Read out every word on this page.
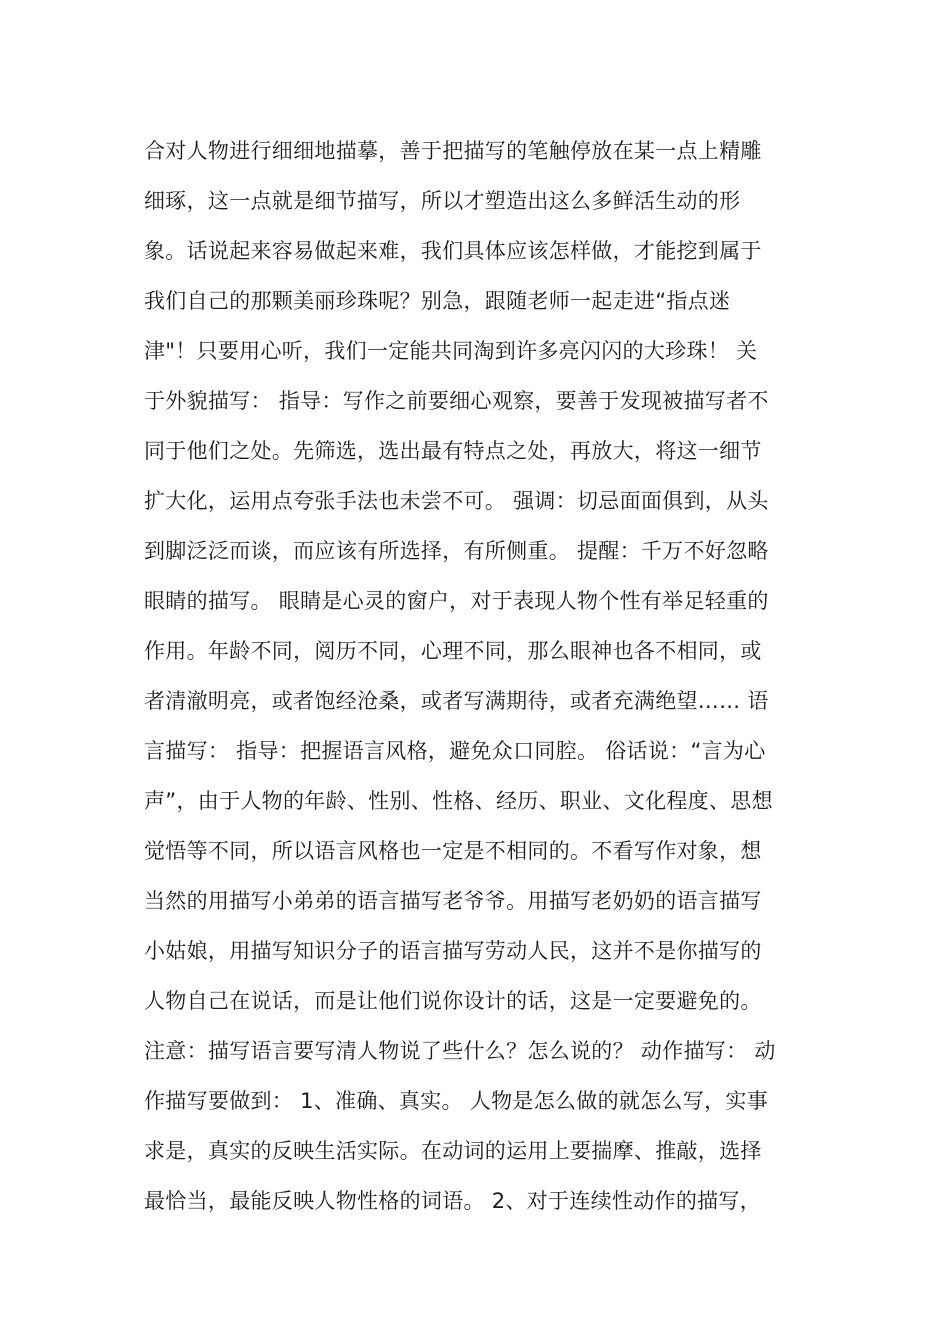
合对人物进行细细地描摹，善于把描写的笔触停放在某一点上精雕
细琢，这一点就是细节描写，所以才塑造出这么多鲜活生动的形
象。话说起来容易做起来难，我们具体应该怎样做，才能挖到属于
我们自己的那颗美丽珍珠呢？别急，跟随老师一起走进“指点迷
津"！只要用心听，我们一定能共同淘到许多亮闪闪的大珍珠！ 关
于外貌描写： 指导：写作之前要细心观察，要善于发现被描写者不
同于他们之处。先筛选，选出最有特点之处，再放大，将这一细节
扩大化，运用点夸张手法也未尝不可。 强调：切忌面面俱到，从头
到脚泛泛而谈，而应该有所选择，有所侧重。 提醒：千万不好忽略
眼睛的描写。 眼睛是心灵的窗户，对于表现人物个性有举足轻重的
作用。年龄不同，阅历不同，心理不同，那么眼神也各不相同，或
者清澈明亮，或者饱经沧桑，或者写满期待，或者充满绝望…… 语
言描写： 指导：把握语言风格，避免众口同腔。 俗话说：“言为心
声”，由于人物的年龄、性别、性格、经历、职业、文化程度、思想
觉悟等不同，所以语言风格也一定是不相同的。不看写作对象，想
当然的用描写小弟弟的语言描写老爷爷。用描写老奶奶的语言描写
小姑娘，用描写知识分子的语言描写劳动人民，这并不是你描写的
人物自己在说话，而是让他们说你设计的话，这是一定要避免的。
注意：描写语言要写清人物说了些什么？怎么说的？ 动作描写： 动
作描写要做到： 1、准确、真实。 人物是怎么做的就怎么写，实事
求是，真实的反映生活实际。在动词的运用上要揣摩、推敲，选择
最恰当，最能反映人物性格的词语。 2、对于连续性动作的描写，
